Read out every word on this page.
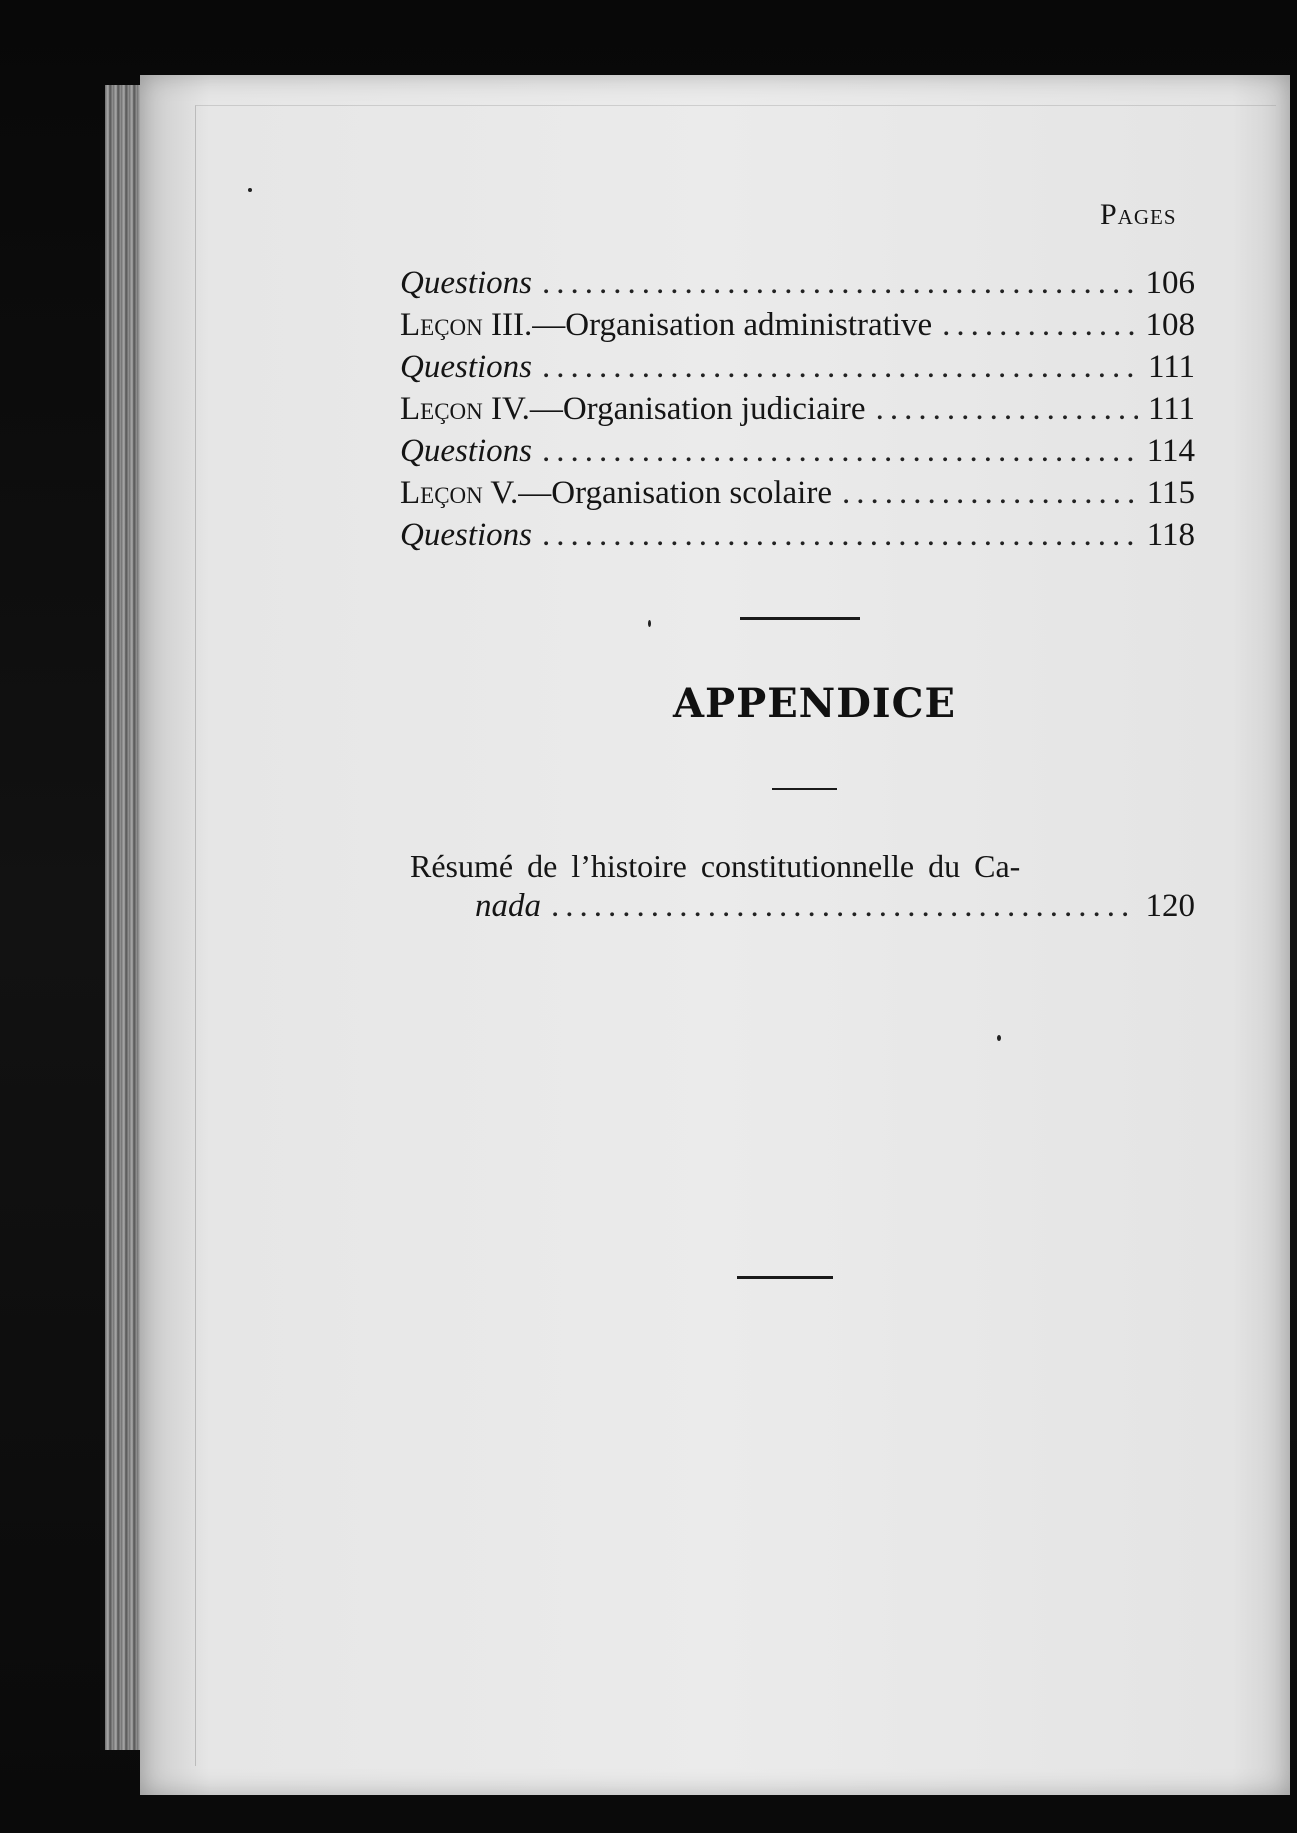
Pages
Questions .....	106
Leçon III.—Organisation administrative .....	108
Questions .....	111
Leçon IV.—Organisation judiciaire .....	111
Questions .....	114
Leçon V.—Organisation scolaire .....	115
Questions .....	118
APPENDICE
Résumé de l’histoire constitutionnelle du Ca-
nada .....	120
